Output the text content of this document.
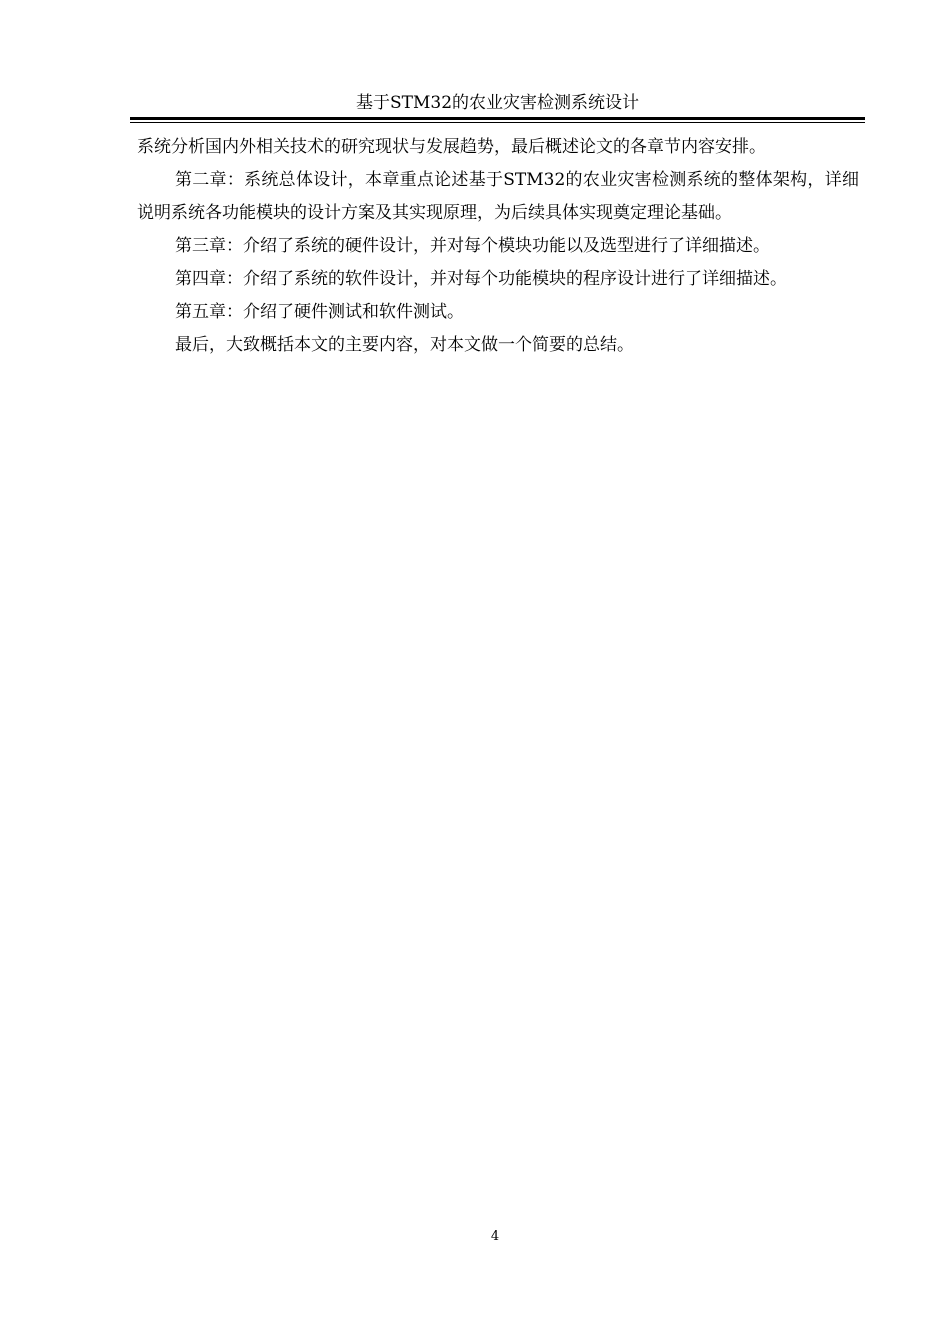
基于STM32的农业灾害检测系统设计

系统分析国内外相关技术的研究现状与发展趋势，最后概述论文的各章节内容安排。

第二章：系统总体设计，本章重点论述基于STM32的农业灾害检测系统的整体架构，详细说明系统各功能模块的设计方案及其实现原理，为后续具体实现奠定理论基础。

第三章：介绍了系统的硬件设计，并对每个模块功能以及选型进行了详细描述。

第四章：介绍了系统的软件设计，并对每个功能模块的程序设计进行了详细描述。

第五章：介绍了硬件测试和软件测试。

最后，大致概括本文的主要内容，对本文做一个简要的总结。

4
